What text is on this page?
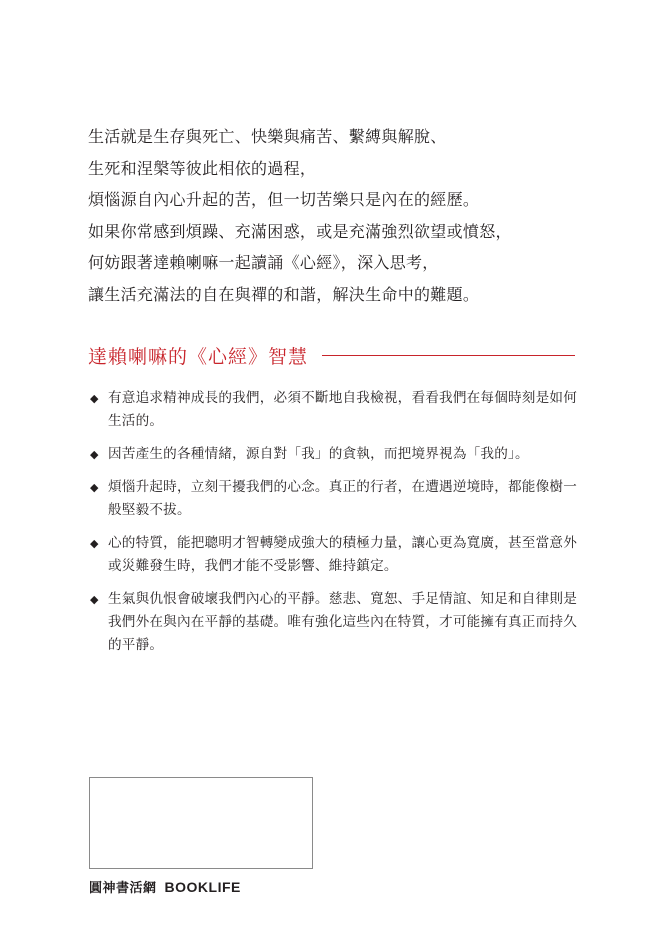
生活就是生存與死亡、快樂與痛苦、繫縛與解脫、
生死和涅槃等彼此相依的過程，
煩惱源自內心升起的苦，但一切苦樂只是內在的經歷。
如果你常感到煩躁、充滿困惑，或是充滿強烈欲望或憤怒，
何妨跟著達賴喇嘛一起讀誦《心經》，深入思考，
讓生活充滿法的自在與禪的和諧，解決生命中的難題。
達賴喇嘛的《心經》智慧
◆ 有意追求精神成長的我們，必須不斷地自我檢視，看看我們在每個時刻是如何生活的。
◆ 因苦產生的各種情緒，源自對「我」的貪執，而把境界視為「我的」。
◆ 煩惱升起時，立刻干擾我們的心念。真正的行者，在遭遇逆境時，都能像樹一般堅毅不拔。
◆ 心的特質，能把聰明才智轉變成強大的積極力量，讓心更為寬廣，甚至當意外或災難發生時，我們才能不受影響、維持鎮定。
◆ 生氣與仇恨會破壞我們內心的平靜。慈悲、寬恕、手足情誼、知足和自律則是我們外在與內在平靜的基礎。唯有強化這些內在特質，才可能擁有真正而持久的平靜。
圓神書活網 BOOKLIFE
